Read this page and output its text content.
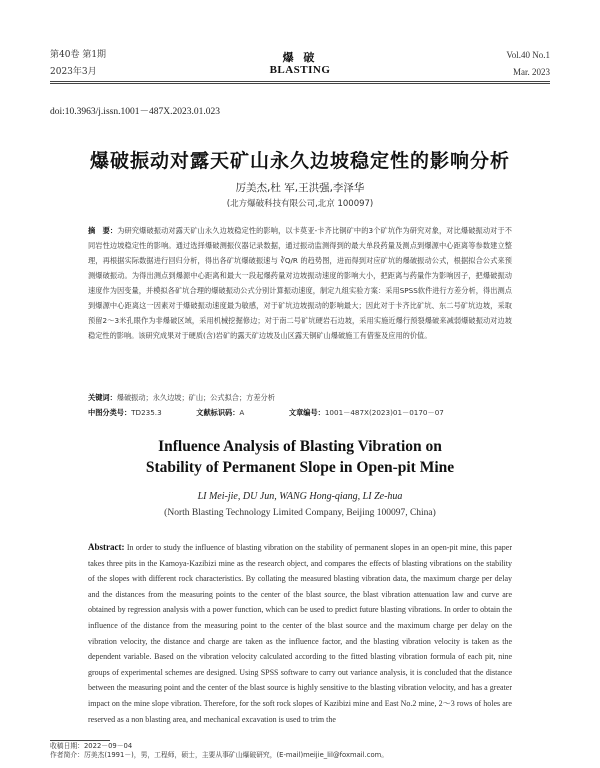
第40卷 第1期
2023年3月
爆 破
BLASTING
Vol.40 No.1
Mar. 2023
doi:10.3963/j.issn.1001－487X.2023.01.023
爆破振动对露天矿山永久边坡稳定性的影响分析
厉美杰,杜 军,王洪强,李泽华
(北方爆破科技有限公司,北京 100097)
摘　要：为研究爆破振动对露天矿山永久边坡稳定性的影响，以卡莫亚-卡齐比铜矿中的3个矿坑作为研究对象，对比爆破振动对于不同岩性边坡稳定性的影响。通过选择爆破测振仪器记录数据，通过振动监测得到的最大单段药量及测点到爆源中心距离等参数建立整理，再根据实际数据进行回归分析，得出各矿坑爆破振速与 ∛Q/R 的趋势图，进而得到对应矿坑的爆破振动公式，根据拟合公式来预测爆破振动。为得出测点到爆源中心距离和最大一段起爆药量对边坡振动速度的影响大小，把距离与药量作为影响因子，把爆破振动速度作为因变量，并模拟各矿坑合理的爆破振动公式分别计算振动速度，制定九组实验方案：采用SPSS软件进行方差分析，得出测点到爆源中心距离这一因素对于爆破振动速度最为敏感，对于矿坑边坡振动的影响最大；因此对于卡齐比矿坑、东二号矿坑边坡，采取预留2～3米孔眼作为非爆破区域，采用机械挖掘修边；对于南二号矿坑硬岩石边坡，采用实施近爆行预裂爆破来减弱爆破振动对边坡稳定性的影响。该研究成果对于硬质(含)岩矿的露天矿边坡及山区露天铜矿山爆破施工有借鉴及应用的价值。
关键词：爆破振动；永久边坡；矿山；公式拟合；方差分析
中图分类号：TD235.3	文献标识码：A	文章编号：1001－487X(2023)01－0170－07
Influence Analysis of Blasting Vibration on
Stability of Permanent Slope in Open-pit Mine
LI Mei-jie, DU Jun, WANG Hong-qiang, LI Ze-hua
(North Blasting Technology Limited Company, Beijing 100097, China)
Abstract: In order to study the influence of blasting vibration on the stability of permanent slopes in an open-pit mine, this paper takes three pits in the Kamoya-Kazibizi mine as the research object, and compares the effects of blasting vibrations on the stability of the slopes with different rock characteristics. By collating the measured blasting vibration data, the maximum charge per delay and the distances from the measuring points to the center of the blast source, the blast vibration attenuation law and curve are obtained by regression analysis with a power function, which can be used to predict future blasting vibrations. In order to obtain the influence of the distance from the measuring point to the center of the blast source and the maximum charge per delay on the vibration velocity, the distance and charge are taken as the influence factor, and the blasting vibration velocity is taken as the dependent variable. Based on the vibration velocity calculated according to the fitted blasting vibration formula of each pit, nine groups of experimental schemes are designed. Using SPSS software to carry out variance analysis, it is concluded that the distance between the measuring point and the center of the blast source is highly sensitive to the blasting vibration velocity, and has a greater impact on the mine slope vibration. Therefore, for the soft rock slopes of Kazibizi mine and East No.2 mine, 2～3 rows of holes are reserved as a non blasting area, and mechanical excavation is used to trim the
收稿日期：2022－09－04
作者简介：厉美杰(1991－)，男，工程师，硕士，主要从事矿山爆破研究，(E-mail)meijie_lil@foxmail.com。
